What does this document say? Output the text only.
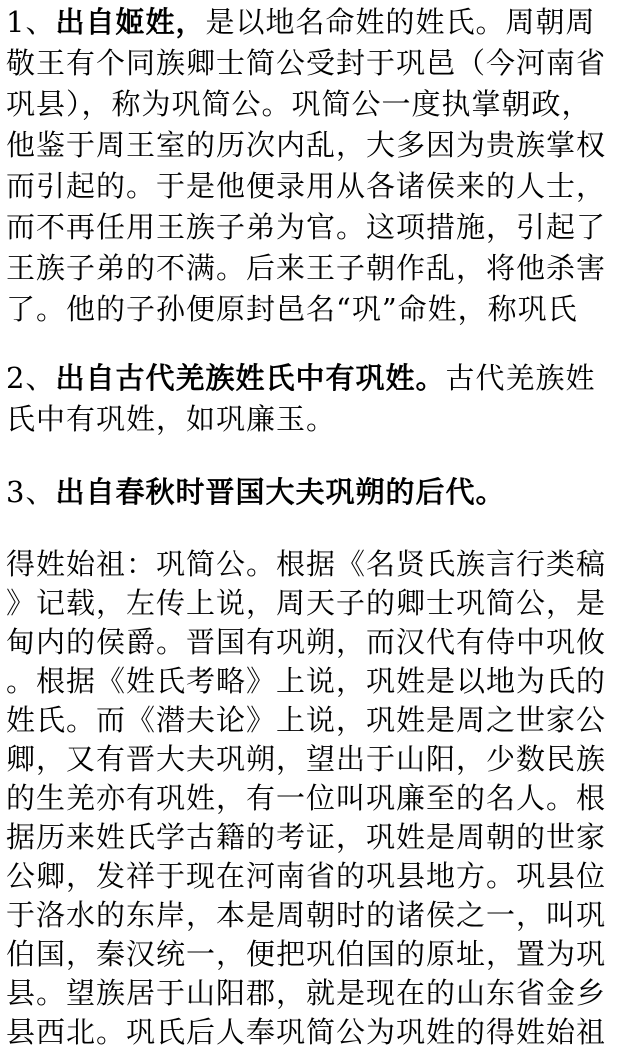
1、出自姬姓，是以地名命姓的姓氏。周朝周
敬王有个同族卿士简公受封于巩邑（今河南省
巩县），称为巩简公。巩简公一度执掌朝政，
他鉴于周王室的历次内乱，大多因为贵族掌权
而引起的。于是他便录用从各诸侯来的人士，
而不再任用王族子弟为官。这项措施，引起了
王族子弟的不满。后来王子朝作乱，将他杀害
了。他的子孙便原封邑名“巩”命姓，称巩氏
2、出自古代羌族姓氏中有巩姓。古代羌族姓
氏中有巩姓，如巩廉玉。
3、出自春秋时晋国大夫巩朔的后代。
得姓始祖：巩简公。根据《名贤氏族言行类稿
》记载，左传上说，周天子的卿士巩简公，是
甸内的侯爵。晋国有巩朔，而汉代有侍中巩攸
。根据《姓氏考略》上说，巩姓是以地为氏的
姓氏。而《潜夫论》上说，巩姓是周之世家公
卿，又有晋大夫巩朔，望出于山阳，少数民族
的生羌亦有巩姓，有一位叫巩廉至的名人。根
据历来姓氏学古籍的考证，巩姓是周朝的世家
公卿，发祥于现在河南省的巩县地方。巩县位
于洛水的东岸，本是周朝时的诸侯之一，叫巩
伯国，秦汉统一，便把巩伯国的原址，置为巩
县。望族居于山阳郡，就是现在的山东省金乡
县西北。巩氏后人奉巩简公为巩姓的得姓始祖
